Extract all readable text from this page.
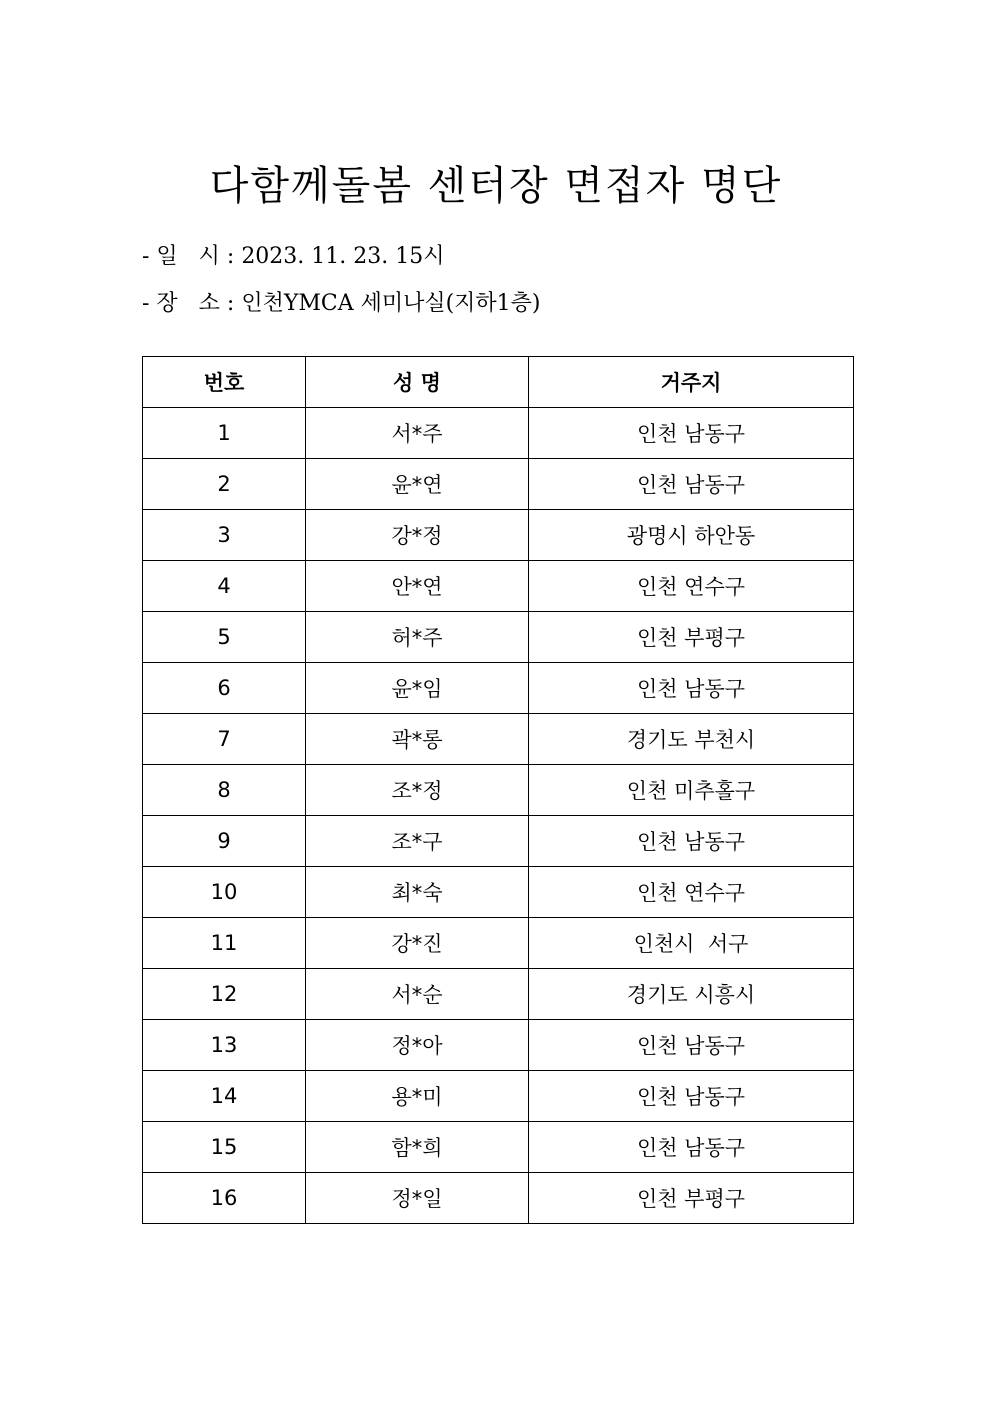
다함께돌봄 센터장 면접자 명단
- 일   시 : 2023. 11. 23. 15시
- 장   소 : 인천YMCA 세미나실(지하1층)
번호	성 명	거주지
1	서*주	인천 남동구
2	윤*연	인천 남동구
3	강*정	광명시 하안동
4	안*연	인천 연수구
5	허*주	인천 부평구
6	윤*임	인천 남동구
7	곽*롱	경기도 부천시
8	조*정	인천 미추홀구
9	조*구	인천 남동구
10	최*숙	인천 연수구
11	강*진	인천시  서구
12	서*순	경기도 시흥시
13	정*아	인천 남동구
14	용*미	인천 남동구
15	함*희	인천 남동구
16	정*일	인천 부평구
